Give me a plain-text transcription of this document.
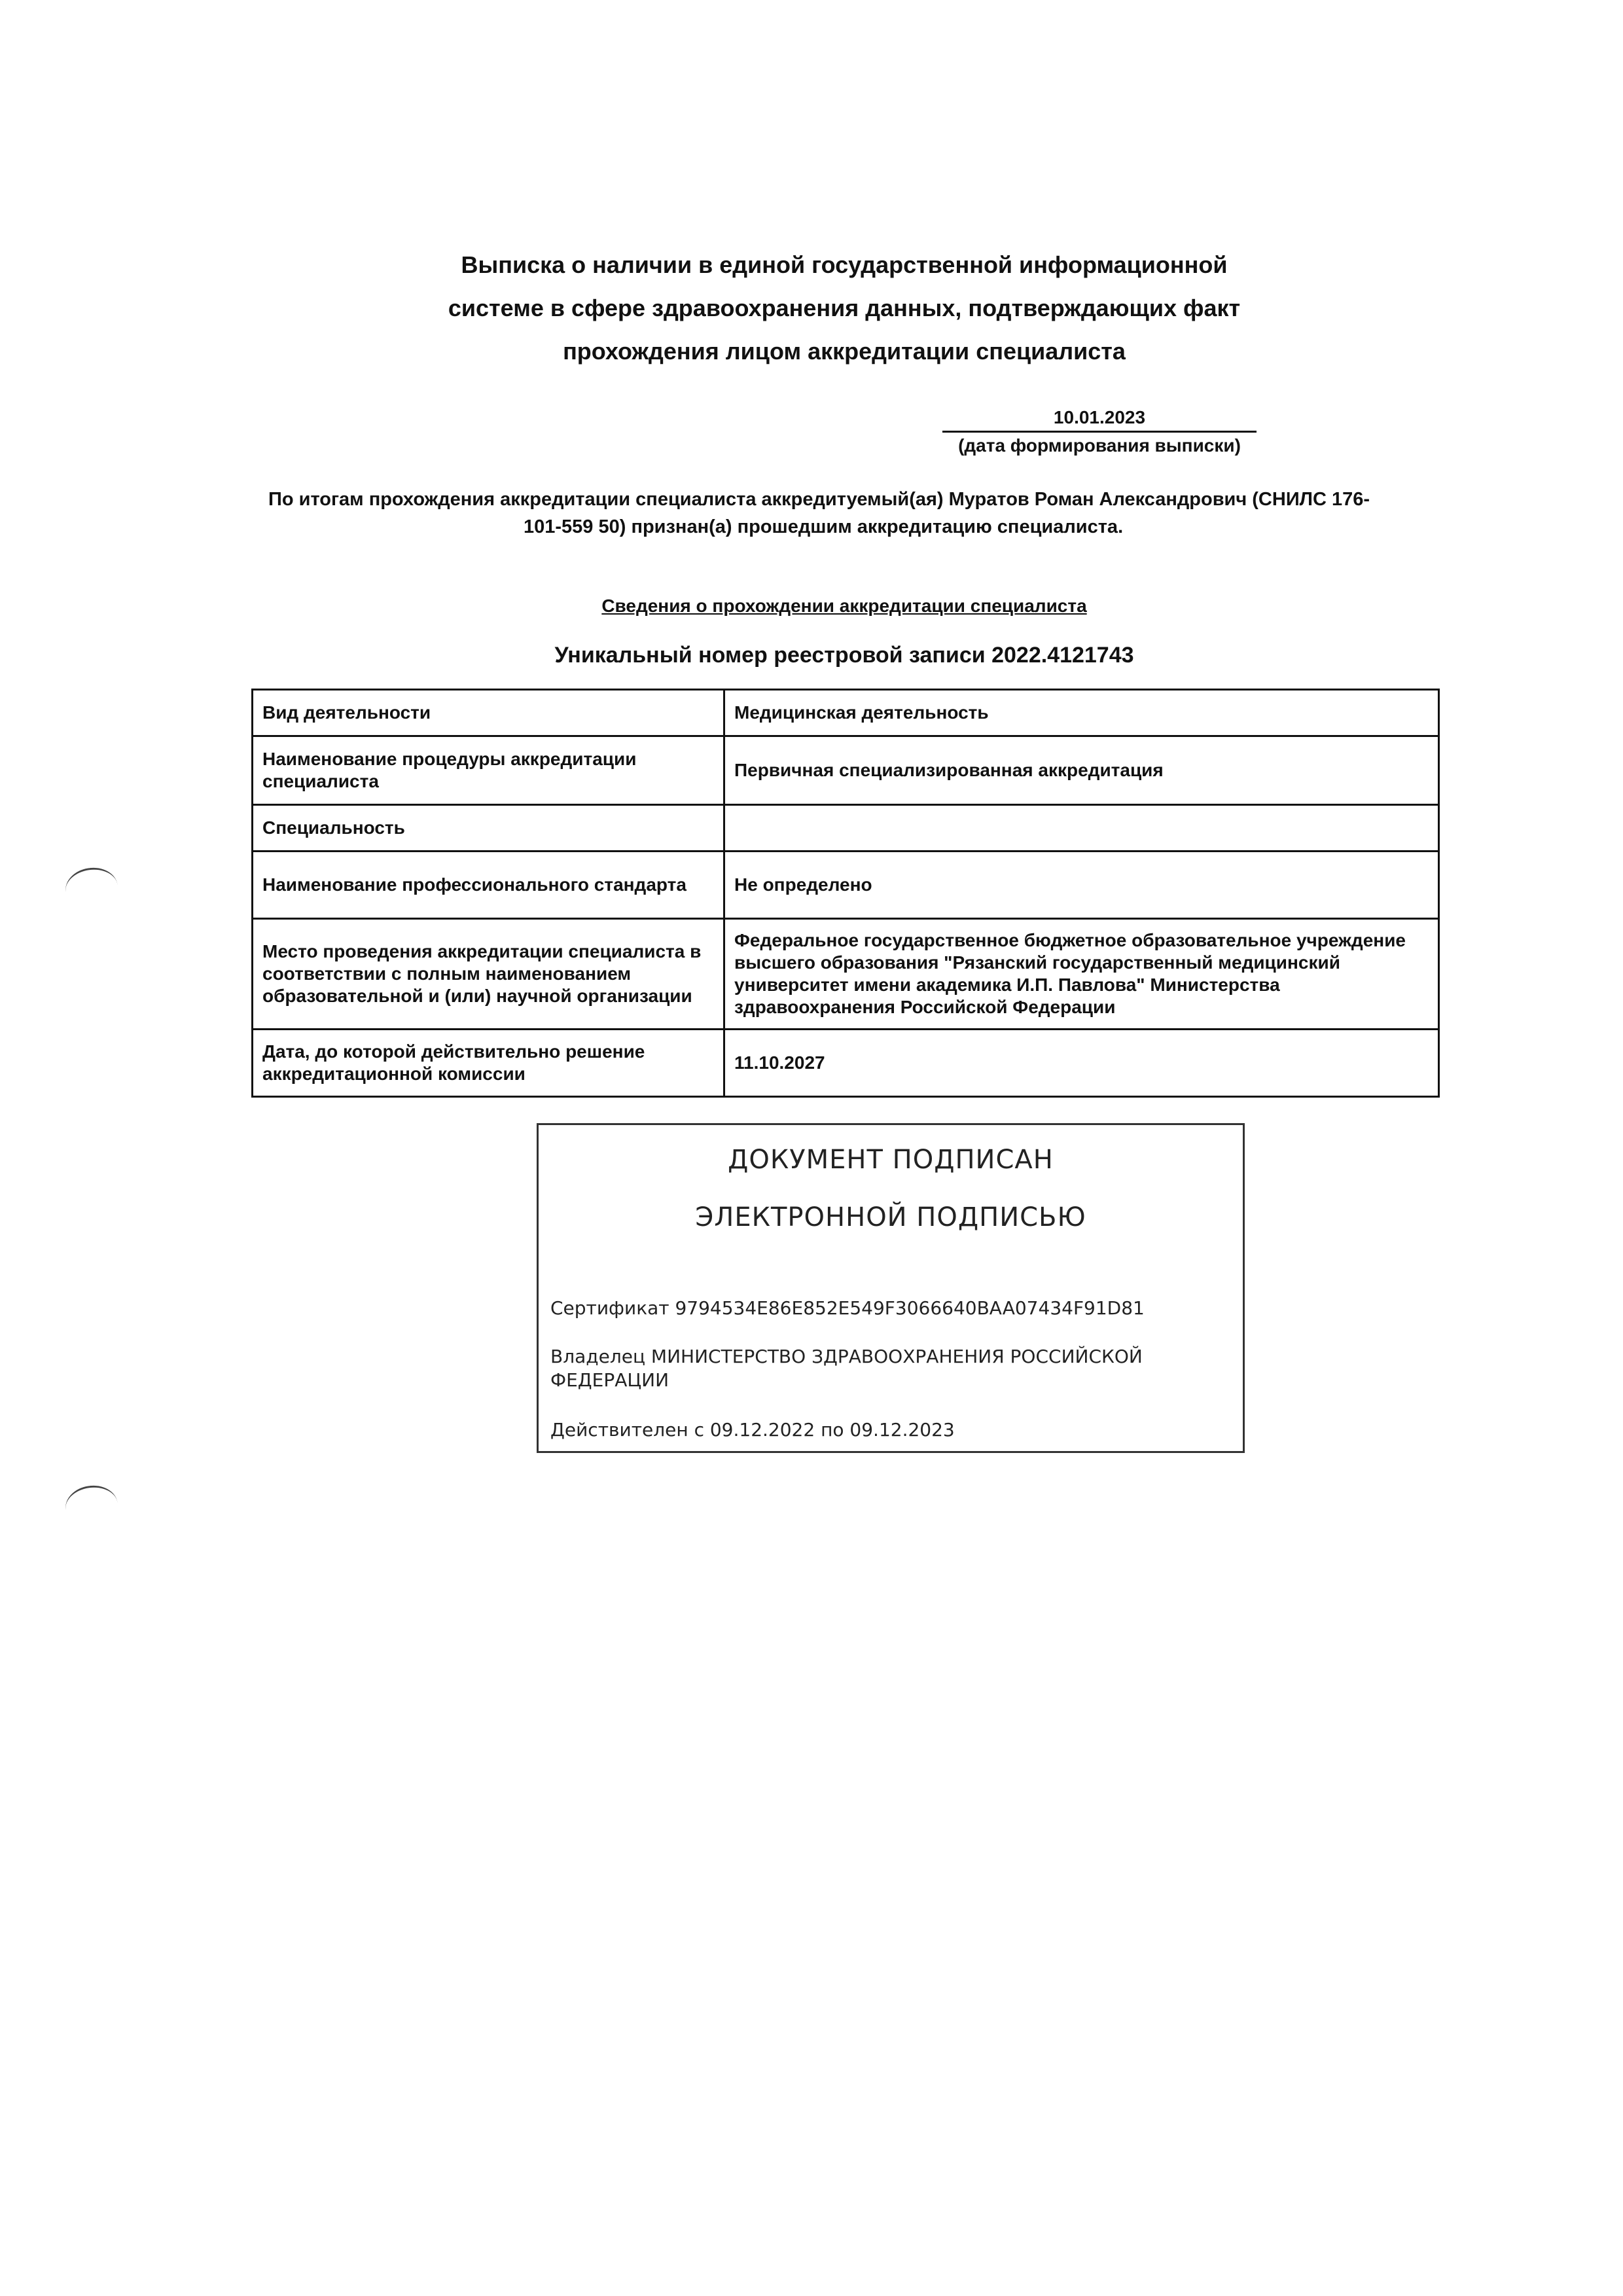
Выписка о наличии в единой государственной информационной
системе в сфере здравоохранения данных, подтверждающих факт
прохождения лицом аккредитации специалиста
10.01.2023
(дата формирования выписки)
По итогам прохождения аккредитации специалиста аккредитуемый(ая) Муратов Роман Александрович (СНИЛС 176-
101-559 50) признан(а) прошедшим аккредитацию специалиста.
Сведения о прохождении аккредитации специалиста
Уникальный номер реестровой записи 2022.4121743
Вид деятельности	Медицинская деятельность
Наименование процедуры аккредитации специалиста	Первичная специализированная аккредитация
Специальность	
Наименование профессионального стандарта	Не определено
Место проведения аккредитации специалиста в соответствии с полным наименованием образовательной и (или) научной организации	Федеральное государственное бюджетное образовательное учреждение высшего образования "Рязанский государственный медицинский университет имени академика И.П. Павлова" Министерства здравоохранения Российской Федерации
Дата, до которой действительно решение аккредитационной комиссии	11.10.2027
ДОКУМЕНТ ПОДПИСАН
ЭЛЕКТРОННОЙ ПОДПИСЬЮ
Сертификат 9794534E86E852E549F3066640BAA07434F91D81
Владелец МИНИСТЕРСТВО ЗДРАВООХРАНЕНИЯ РОССИЙСКОЙ ФЕДЕРАЦИИ
Действителен с 09.12.2022 по 09.12.2023
